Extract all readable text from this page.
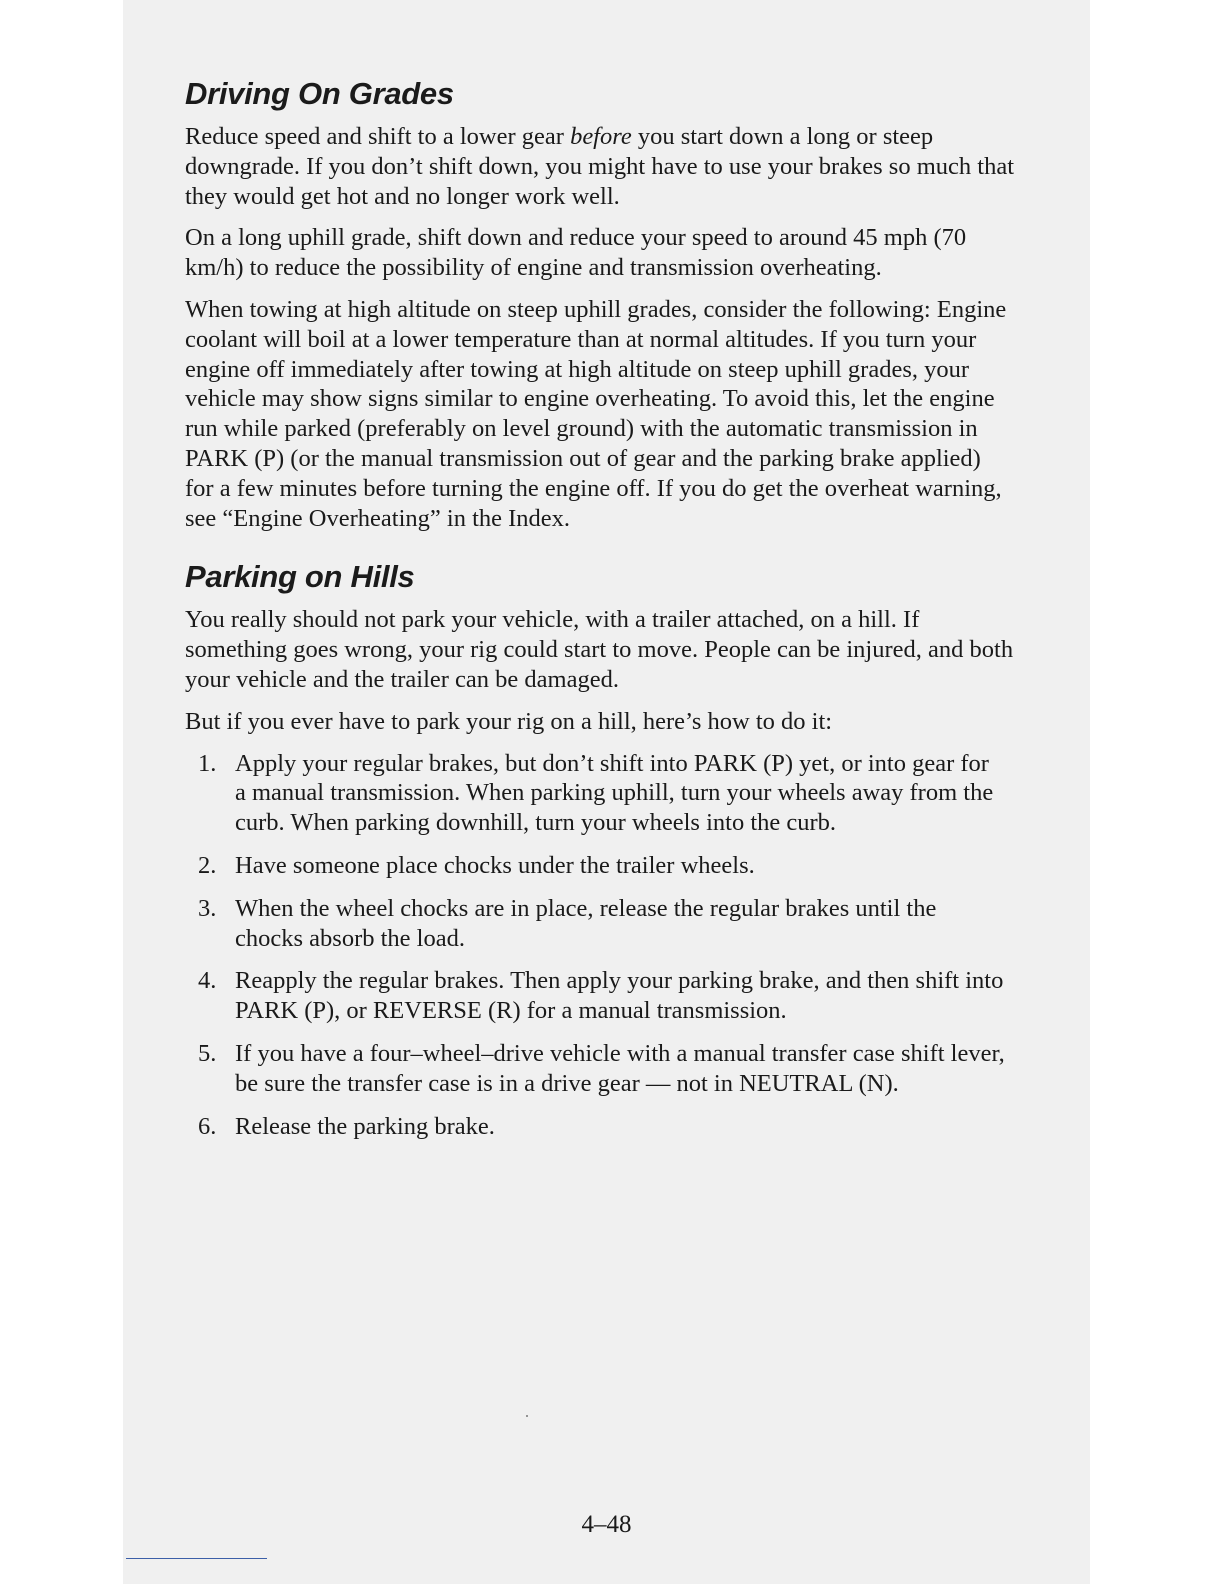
Driving On Grades

Reduce speed and shift to a lower gear before you start down a long or steep downgrade. If you don’t shift down, you might have to use your brakes so much that they would get hot and no longer work well.

On a long uphill grade, shift down and reduce your speed to around 45 mph (70 km/h) to reduce the possibility of engine and transmission overheating.

When towing at high altitude on steep uphill grades, consider the following: Engine coolant will boil at a lower temperature than at normal altitudes. If you turn your engine off immediately after towing at high altitude on steep uphill grades, your vehicle may show signs similar to engine overheating. To avoid this, let the engine run while parked (preferably on level ground) with the automatic transmission in PARK (P) (or the manual transmission out of gear and the parking brake applied) for a few minutes before turning the engine off. If you do get the overheat warning, see “Engine Overheating” in the Index.

Parking on Hills

You really should not park your vehicle, with a trailer attached, on a hill. If something goes wrong, your rig could start to move. People can be injured, and both your vehicle and the trailer can be damaged.

But if you ever have to park your rig on a hill, here’s how to do it:

1. Apply your regular brakes, but don’t shift into PARK (P) yet, or into gear for a manual transmission. When parking uphill, turn your wheels away from the curb. When parking downhill, turn your wheels into the curb.
2. Have someone place chocks under the trailer wheels.
3. When the wheel chocks are in place, release the regular brakes until the chocks absorb the load.
4. Reapply the regular brakes. Then apply your parking brake, and then shift into PARK (P), or REVERSE (R) for a manual transmission.
5. If you have a four–wheel–drive vehicle with a manual transfer case shift lever, be sure the transfer case is in a drive gear — not in NEUTRAL (N).
6. Release the parking brake.
4–48
